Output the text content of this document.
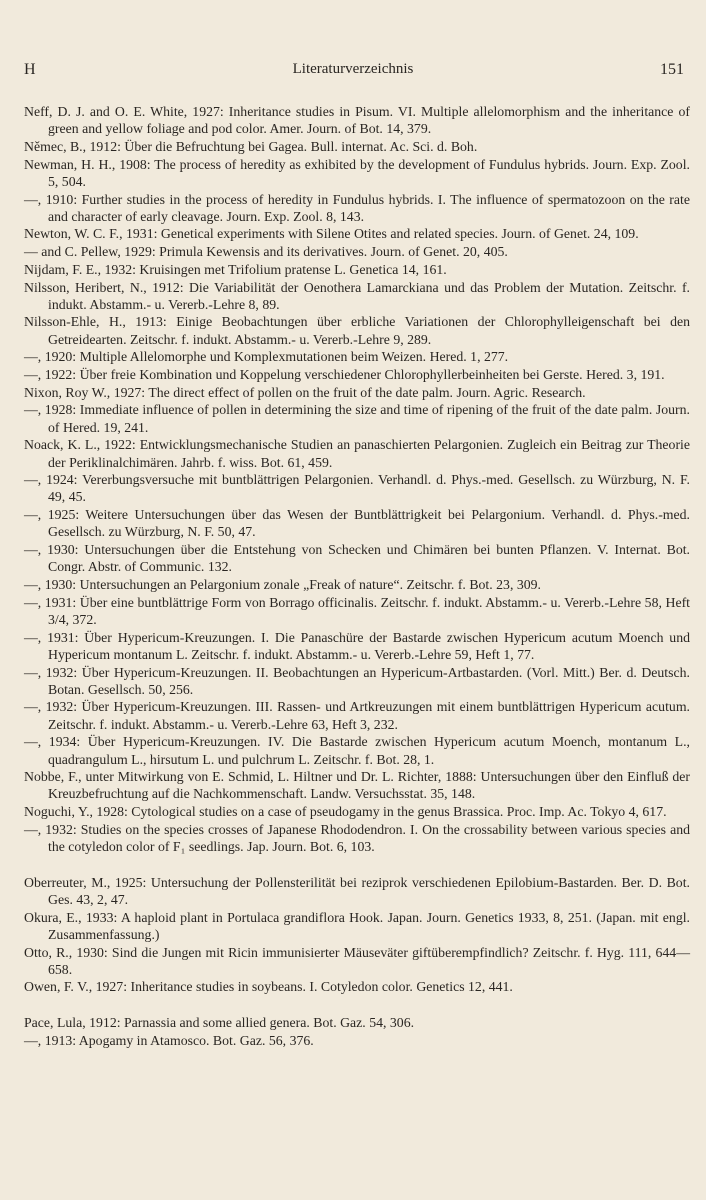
H	Literaturverzeichnis	151

Neff, D. J. and O. E. White, 1927: Inheritance studies in Pisum. VI. Multiple allelomorphism and the inheritance of green and yellow foliage and pod color. Amer. Journ. of Bot. 14, 379.

Němec, B., 1912: Über die Befruchtung bei Gagea. Bull. internat. Ac. Sci. d. Boh.

Newman, H. H., 1908: The process of heredity as exhibited by the development of Fundulus hybrids. Journ. Exp. Zool. 5, 504.

—, 1910: Further studies in the process of heredity in Fundulus hybrids. I. The influence of spermatozoon on the rate and character of early cleavage. Journ. Exp. Zool. 8, 143.

Newton, W. C. F., 1931: Genetical experiments with Silene Otites and related species. Journ. of Genet. 24, 109.

— and C. Pellew, 1929: Primula Kewensis and its derivatives. Journ. of Genet. 20, 405.

Nijdam, F. E., 1932: Kruisingen met Trifolium pratense L. Genetica 14, 161.

Nilsson, Heribert, N., 1912: Die Variabilität der Oenothera Lamarckiana und das Problem der Mutation. Zeitschr. f. indukt. Abstamm.- u. Vererb.-Lehre 8, 89.

Nilsson-Ehle, H., 1913: Einige Beobachtungen über erbliche Variationen der Chlorophylleigenschaft bei den Getreidearten. Zeitschr. f. indukt. Abstamm.- u. Vererb.-Lehre 9, 289.

—, 1920: Multiple Allelomorphe und Komplexmutationen beim Weizen. Hered. 1, 277.

—, 1922: Über freie Kombination und Koppelung verschiedener Chlorophyllerbeinheiten bei Gerste. Hered. 3, 191.

Nixon, Roy W., 1927: The direct effect of pollen on the fruit of the date palm. Journ. Agric. Research.

—, 1928: Immediate influence of pollen in determining the size and time of ripening of the fruit of the date palm. Journ. of Hered. 19, 241.

Noack, K. L., 1922: Entwicklungsmechanische Studien an panaschierten Pelargonien. Zugleich ein Beitrag zur Theorie der Periklinalchimären. Jahrb. f. wiss. Bot. 61, 459.

—, 1924: Vererbungsversuche mit buntblättrigen Pelargonien. Verhandl. d. Phys.-med. Gesellsch. zu Würzburg, N. F. 49, 45.

—, 1925: Weitere Untersuchungen über das Wesen der Buntblättrigkeit bei Pelargonium. Verhandl. d. Phys.-med. Gesellsch. zu Würzburg, N. F. 50, 47.

—, 1930: Untersuchungen über die Entstehung von Schecken und Chimären bei bunten Pflanzen. V. Internat. Bot. Congr. Abstr. of Communic. 132.

—, 1930: Untersuchungen an Pelargonium zonale „Freak of nature“. Zeitschr. f. Bot. 23, 309.

—, 1931: Über eine buntblättrige Form von Borrago officinalis. Zeitschr. f. indukt. Abstamm.- u. Vererb.-Lehre 58, Heft 3/4, 372.

—, 1931: Über Hypericum-Kreuzungen. I. Die Panaschüre der Bastarde zwischen Hypericum acutum Moench und Hypericum montanum L. Zeitschr. f. indukt. Abstamm.- u. Vererb.-Lehre 59, Heft 1, 77.

—, 1932: Über Hypericum-Kreuzungen. II. Beobachtungen an Hypericum-Artbastarden. (Vorl. Mitt.) Ber. d. Deutsch. Botan. Gesellsch. 50, 256.

—, 1932: Über Hypericum-Kreuzungen. III. Rassen- und Artkreuzungen mit einem buntblättrigen Hypericum acutum. Zeitschr. f. indukt. Abstamm.- u. Vererb.-Lehre 63, Heft 3, 232.

—, 1934: Über Hypericum-Kreuzungen. IV. Die Bastarde zwischen Hypericum acutum Moench, montanum L., quadrangulum L., hirsutum L. und pulchrum L. Zeitschr. f. Bot. 28, 1.

Nobbe, F., unter Mitwirkung von E. Schmid, L. Hiltner und Dr. L. Richter, 1888: Untersuchungen über den Einfluß der Kreuzbefruchtung auf die Nachkommenschaft. Landw. Versuchsstat. 35, 148.

Noguchi, Y., 1928: Cytological studies on a case of pseudogamy in the genus Brassica. Proc. Imp. Ac. Tokyo 4, 617.

—, 1932: Studies on the species crosses of Japanese Rhododendron. I. On the crossability between various species and the cotyledon color of F₁ seedlings. Jap. Journ. Bot. 6, 103.

Oberreuter, M., 1925: Untersuchung der Pollensterilität bei reziprok verschiedenen Epilobium-Bastarden. Ber. D. Bot. Ges. 43, 2, 47.

Okura, E., 1933: A haploid plant in Portulaca grandiflora Hook. Japan. Journ. Genetics 1933, 8, 251. (Japan. mit engl. Zusammenfassung.)

Otto, R., 1930: Sind die Jungen mit Ricin immunisierter Mäuseväter giftüberempfindlich? Zeitschr. f. Hyg. 111, 644—658.

Owen, F. V., 1927: Inheritance studies in soybeans. I. Cotyledon color. Genetics 12, 441.

Pace, Lula, 1912: Parnassia and some allied genera. Bot. Gaz. 54, 306.

—, 1913: Apogamy in Atamosco. Bot. Gaz. 56, 376.
